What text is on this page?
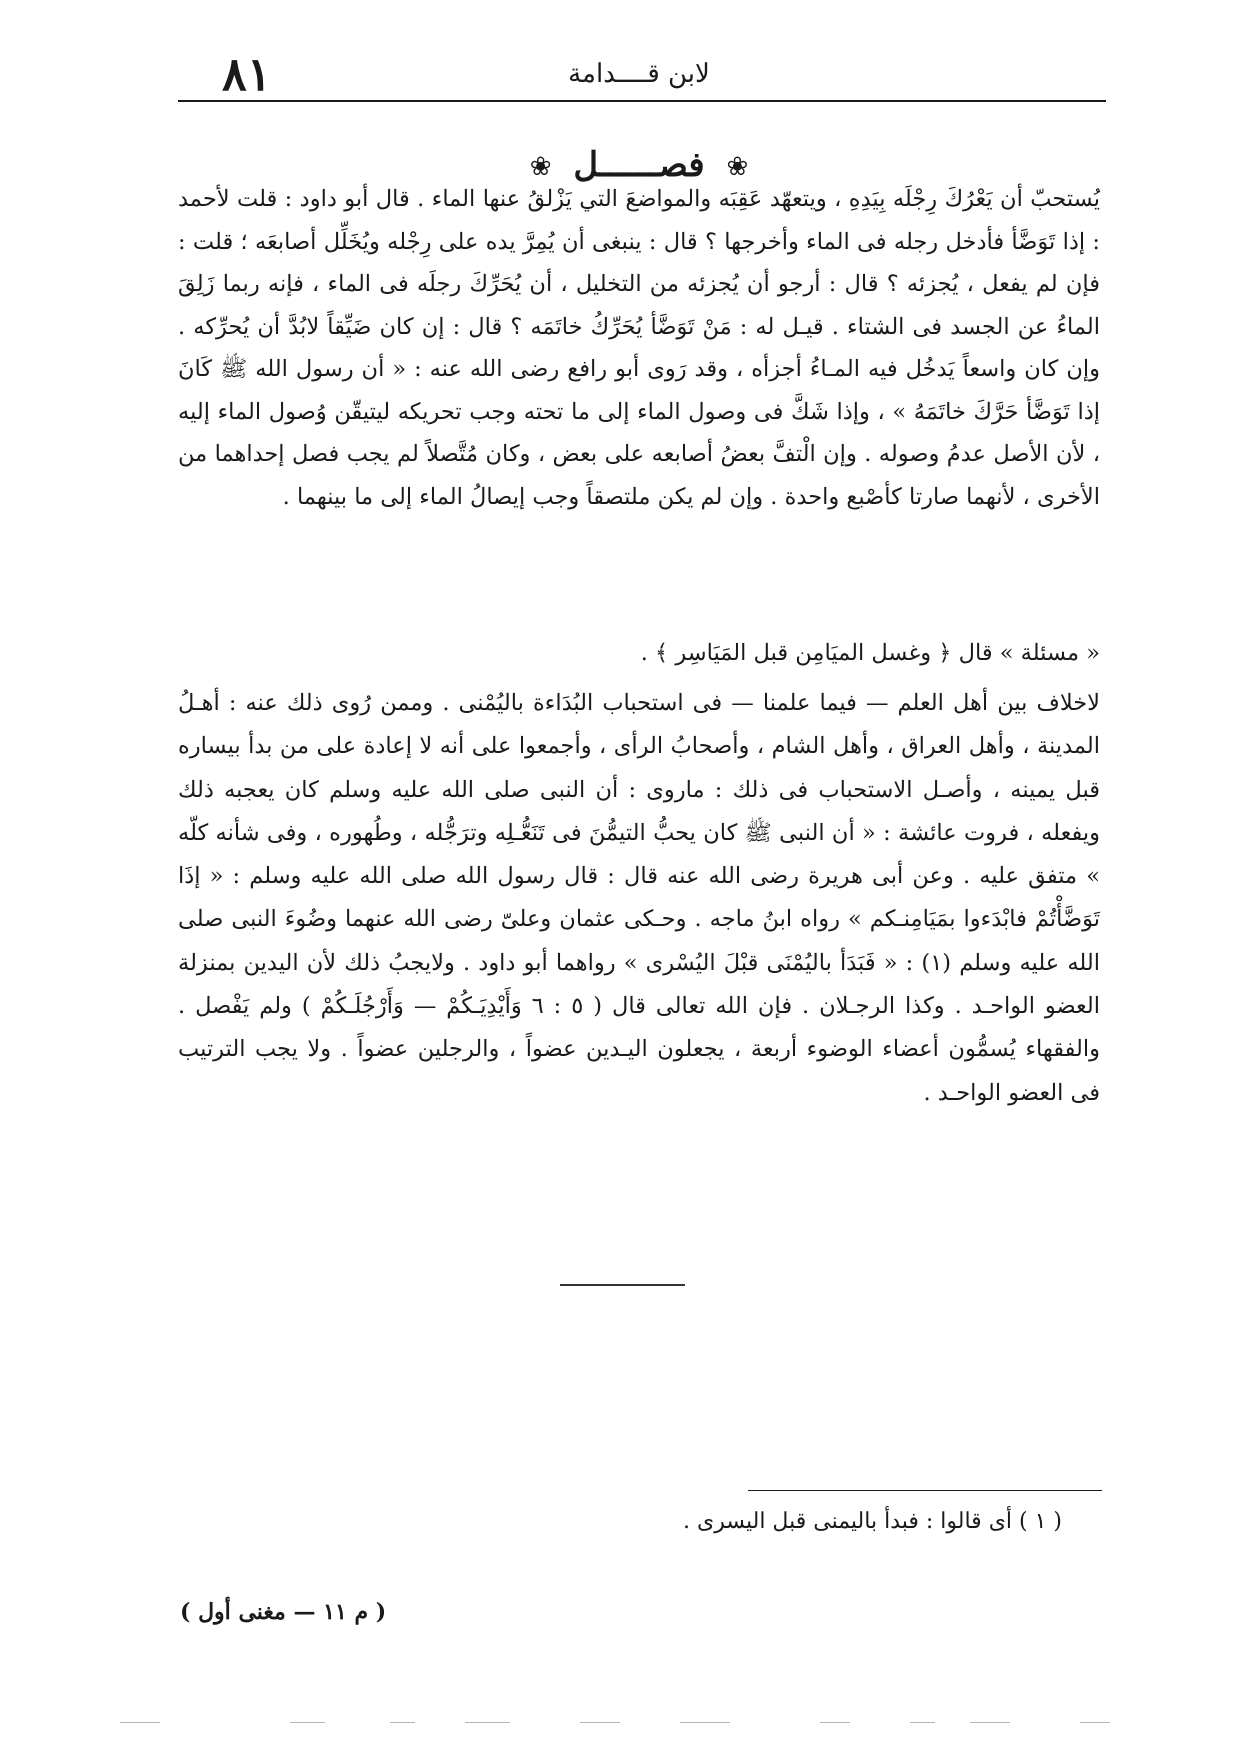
٨١	لابن قــــدامة
❀ فصــــــل ❀
يُستحبّ أن يَعْرُكَ رِجْلَه بِيَدِهِ ، ويتعهّد عَقِبَه والمواضعَ التي يَزْلقُ عنها الماء . قال أبو داود : قلت لأحمد : إذا تَوَضَّأ فأدخل رجله فى الماء وأخرجها ؟ قال : ينبغى أن يُمِرَّ يده على رِجْله ويُخَلِّل أصابعَه ؛ قلت : فإن لم يفعل ، يُجزئه ؟ قال : أرجو أن يُجزئه من التخليل ، أن يُحَرِّكَ رجلَه فى الماء ، فإنه ربما زَلِقَ الماءُ عن الجسد فى الشتاء . قيـل له : مَنْ تَوَضَّأ يُحَرِّكُ خاتَمَه ؟ قال : إن كان ضَيِّقاً لابُدَّ أن يُحرِّكه . وإن كان واسعاً يَدخُل فيه المـاءُ أجزأه ، وقد رَوى أبو رافع رضى الله عنه : « أن رسول الله ﷺ كَانَ إذا تَوَضَّأ حَرَّكَ خاتَمَهُ » ، وإذا شَكَّ فى وصول الماء إلى ما تحته وجب تحريكه ليتيقّن وُصول الماء إليه ، لأن الأصل عدمُ وصوله . وإن الْتفَّ بعضُ أصابعه على بعض ، وكان مُتَّصلاً لم يجب فصل إحداهما من الأخرى ، لأنهما صارتا كأصْبع واحدة . وإن لم يكن ملتصقاً وجب إيصالُ الماء إلى ما بينهما .
« مسئلة » قال ﴿ وغسل الميَامِن قبل المَيَاسِر ﴾ .
لاخلاف بين أهل العلم — فيما علمنا — فى استحباب البُدَاءة باليُمْنى . وممن رُوى ذلك عنه : أهـلُ المدينة ، وأهل العراق ، وأهل الشام ، وأصحابُ الرأى ، وأجمعوا على أنه لا إعادة على من بدأ بيساره قبل يمينه ، وأصـل الاستحباب فى ذلك : ماروى : أن النبى صلى الله عليه وسلم كان يعجبه ذلك ويفعله ، فروت عائشة : « أن النبى ﷺ كان يحبُّ التيمُّنَ فى تَنَعُّـلِه وترَجُّله ، وطُهوره ، وفى شأنه كلّه » متفق عليه . وعن أبى هريرة رضى الله عنه قال : قال رسول الله صلى الله عليه وسلم : « إذَا تَوَضَّأْتُمْ فابْدَءوا بمَيَامِنـكم » رواه ابنُ ماجه . وحـكى عثمان وعلىّ رضى الله عنهما وضُوءَ النبى صلى الله عليه وسلم (١) : « فَبَدَأ باليُمْنَى قبْلَ اليُسْرى » رواهما أبو داود . ولايجبُ ذلك لأن اليدين بمنزلة العضو الواحـد . وكذا الرجـلان . فإن الله تعالى قال ( ٥ : ٦ وَأَيْدِيَـكُمْ — وَأَرْجُلَـكُمْ ) ولم يَفْصل . والفقهاء يُسمُّون أعضاء الوضوء أربعة ، يجعلون اليـدين عضواً ، والرجلين عضواً . ولا يجب الترتيب فى العضو الواحـد .
( ١ ) أى قالوا : فبدأ باليمنى قبل اليسرى .
( م ١١ — مغنى أول )
